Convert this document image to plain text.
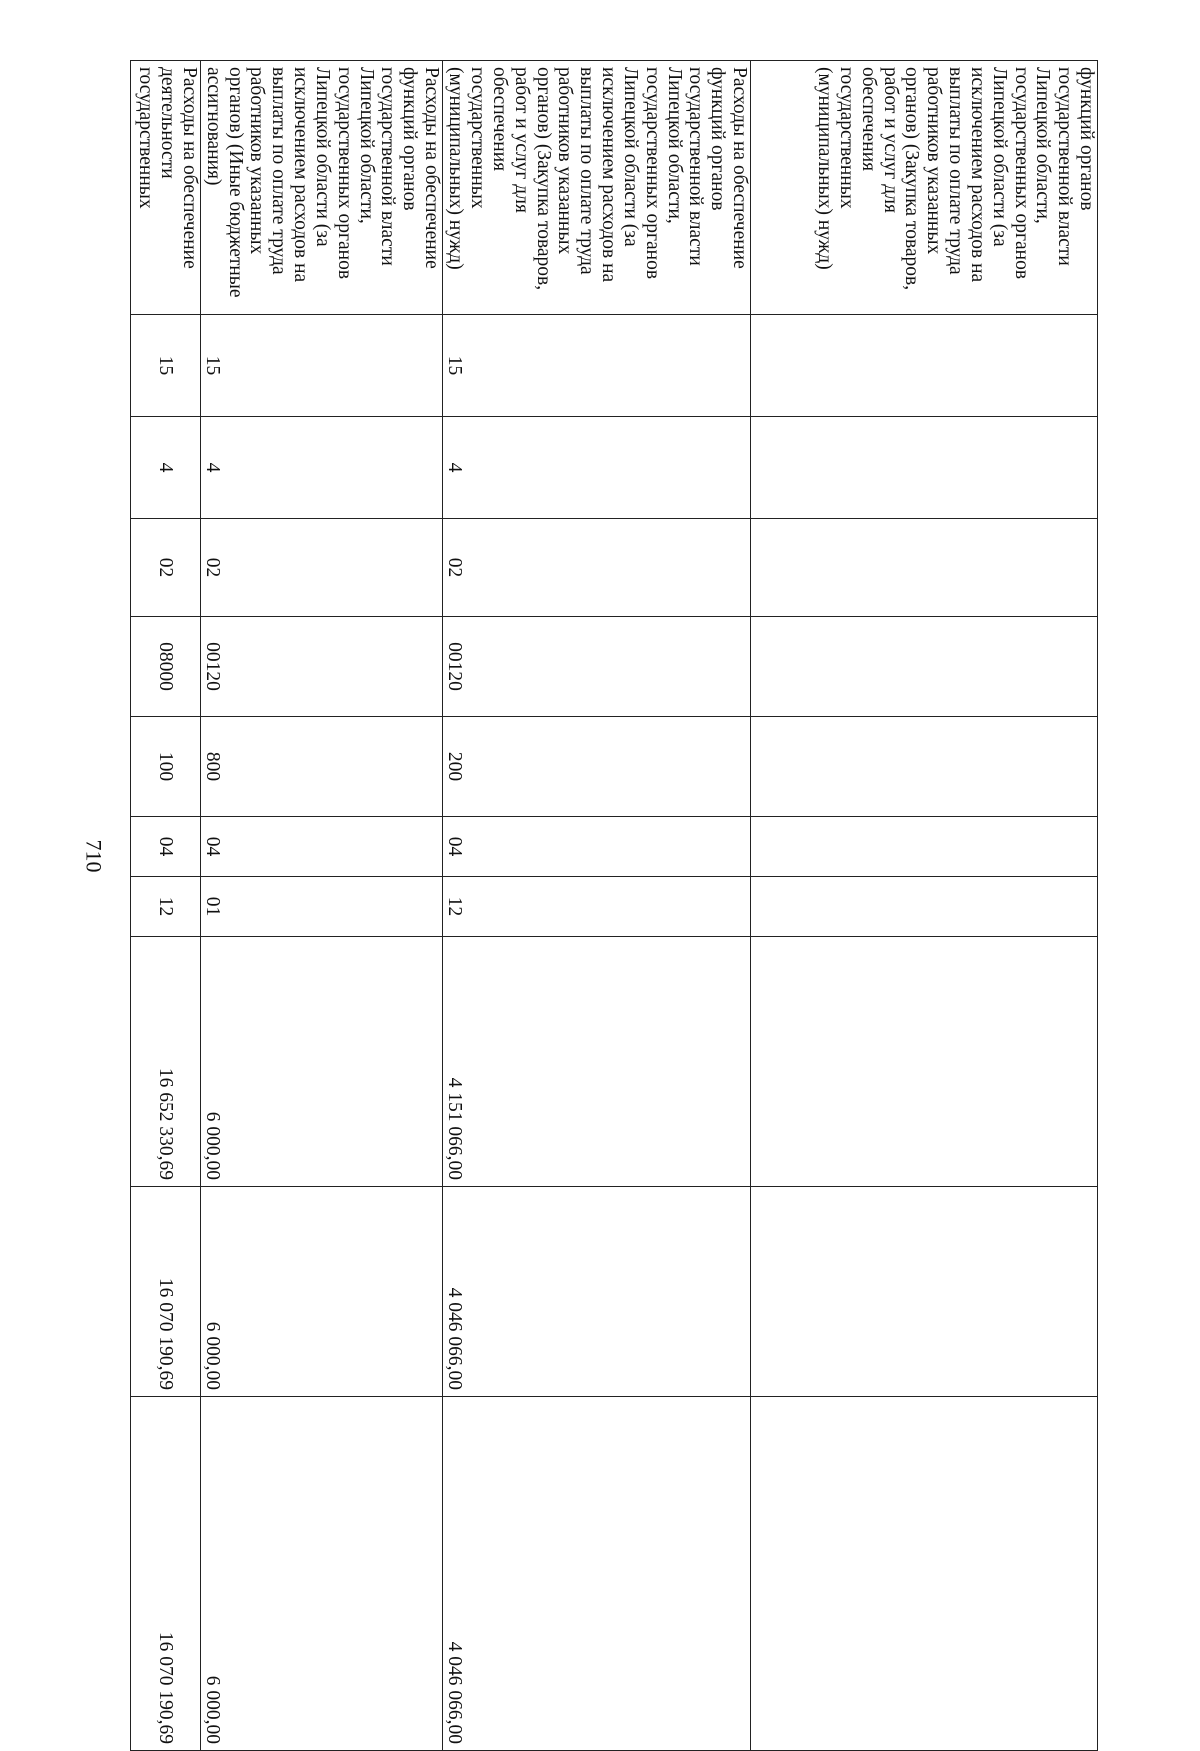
710
функций органов государственной власти Липецкой области, государственных органов Липецкой области (за исключением расходов на выплаты по оплате труда работников указанных органов) (Закупка товаров, работ и услуг для обеспечения государственных (муниципальных) нужд)										
Расходы на обеспечение функций органов государственной власти Липецкой области, государственных органов Липецкой области (за исключением расходов на выплаты по оплате труда работников указанных органов) (Закупка товаров, работ и услуг для обеспечения государственных (муниципальных) нужд)	15	4	02	00120	200	04	12	4 151 066,00	4 046 066,00	4 046 066,00
Расходы на обеспечение функций органов государственной власти Липецкой области, государственных органов Липецкой области (за исключением расходов на выплаты по оплате труда работников указанных органов) (Иные бюджетные ассигнования)	15	4	02	00120	800	04	01	6 000,00	6 000,00	6 000,00
Расходы на обеспечение деятельности государственных	15	4	02	08000	100	04	12	16 652 330,69	16 070 190,69	16 070 190,69
